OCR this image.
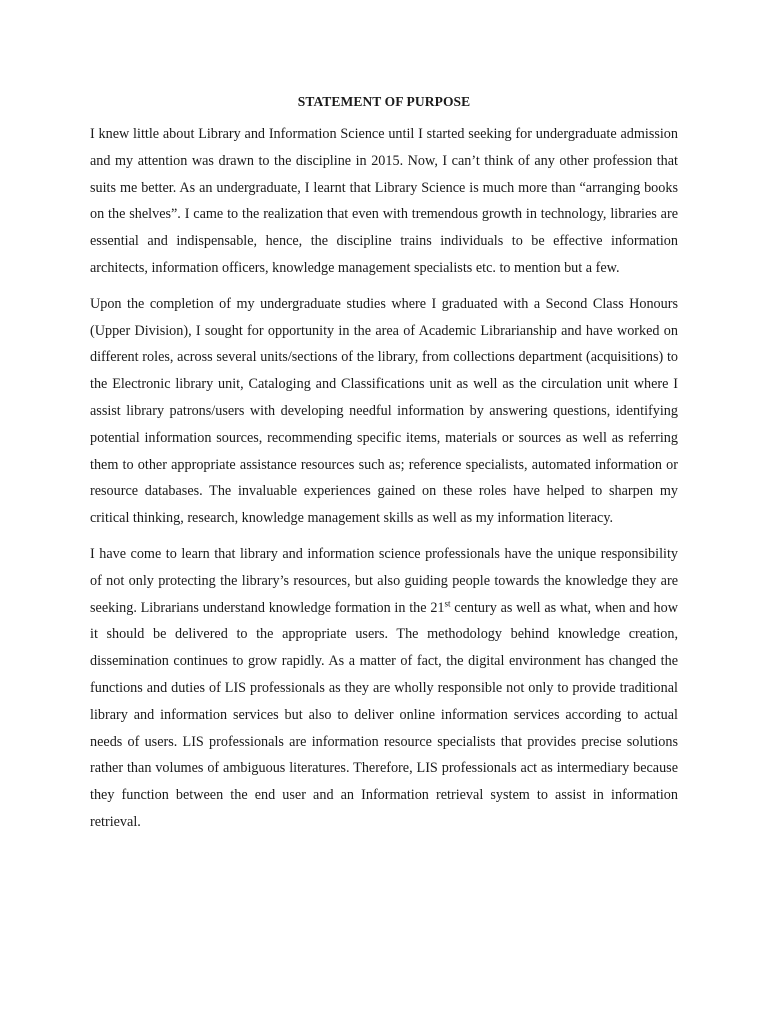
STATEMENT OF PURPOSE

I knew little about Library and Information Science until I started seeking for undergraduate admission and my attention was drawn to the discipline in 2015. Now, I can’t think of any other profession that suits me better. As an undergraduate, I learnt that Library Science is much more than “arranging books on the shelves”. I came to the realization that even with tremendous growth in technology, libraries are essential and indispensable, hence, the discipline trains individuals to be effective information architects, information officers, knowledge management specialists etc. to mention but a few.

Upon the completion of my undergraduate studies where I graduated with a Second Class Honours (Upper Division), I sought for opportunity in the area of Academic Librarianship and have worked on different roles, across several units/sections of the library, from collections department (acquisitions) to the Electronic library unit, Cataloging and Classifications unit as well as the circulation unit where I assist library patrons/users with developing needful information by answering questions, identifying potential information sources, recommending specific items, materials or sources as well as referring them to other appropriate assistance resources such as; reference specialists, automated information or resource databases. The invaluable experiences gained on these roles have helped to sharpen my critical thinking, research, knowledge management skills as well as my information literacy.

I have come to learn that library and information science professionals have the unique responsibility of not only protecting the library’s resources, but also guiding people towards the knowledge they are seeking. Librarians understand knowledge formation in the 21st century as well as what, when and how it should be delivered to the appropriate users. The methodology behind knowledge creation, dissemination continues to grow rapidly. As a matter of fact, the digital environment has changed the functions and duties of LIS professionals as they are wholly responsible not only to provide traditional library and information services but also to deliver online information services according to actual needs of users. LIS professionals are information resource specialists that provides precise solutions rather than volumes of ambiguous literatures. Therefore, LIS professionals act as intermediary because they function between the end user and an Information retrieval system to assist in information retrieval.
